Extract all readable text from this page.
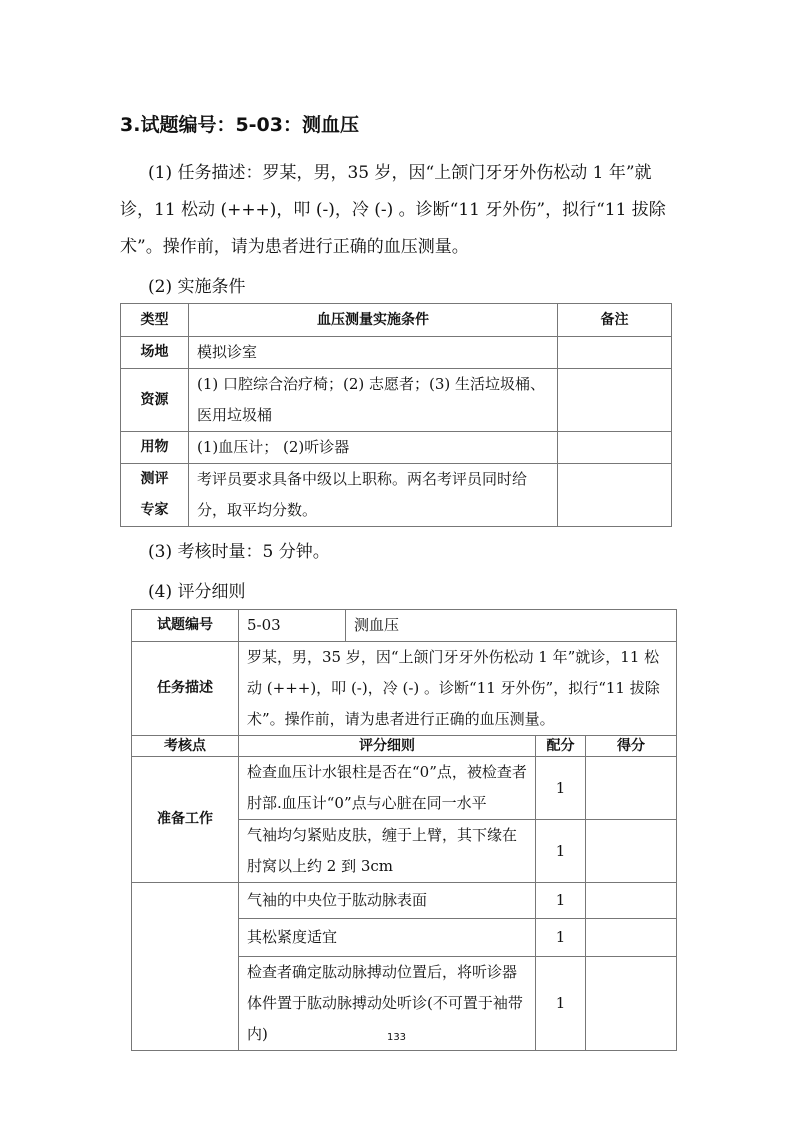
3.试题编号：5-03：测血压
(1) 任务描述：罗某，男，35 岁，因“上颌门牙牙外伤松动 1 年”就诊，11 松动 (+++)，叩 (-)，冷 (-) 。诊断“11 牙外伤”，拟行“11 拔除术”。操作前，请为患者进行正确的血压测量。
(2) 实施条件
类型	血压测量实施条件	备注
场地	模拟诊室	
资源	(1) 口腔综合治疗椅；(2) 志愿者；(3) 生活垃圾桶、医用垃圾桶	
用物	(1)血压计； (2)听诊器	
测评专家	考评员要求具备中级以上职称。两名考评员同时给分，取平均分数。	
(3) 考核时量：5 分钟。
(4) 评分细则
试题编号	5-03	测血压		
任务描述	罗某，男，35 岁，因“上颌门牙牙外伤松动 1 年”就诊，11 松动 (+++)，叩 (-)，冷 (-) 。诊断“11 牙外伤”，拟行“11 拔除术”。操作前，请为患者进行正确的血压测量。			
考核点	评分细则		配分	得分
准备工作	检查血压计水银柱是否在“0”点，被检查者肘部.血压计“0”点与心脏在同一水平		1	
	气袖均匀紧贴皮肤，缠于上臂，其下缘在肘窝以上约 2 到 3cm		1	
	气袖的中央位于肱动脉表面		1	
	其松紧度适宜		1	
	检查者确定肱动脉搏动位置后，将听诊器体件置于肱动脉搏动处听诊(不可置于袖带内)		1	
133
